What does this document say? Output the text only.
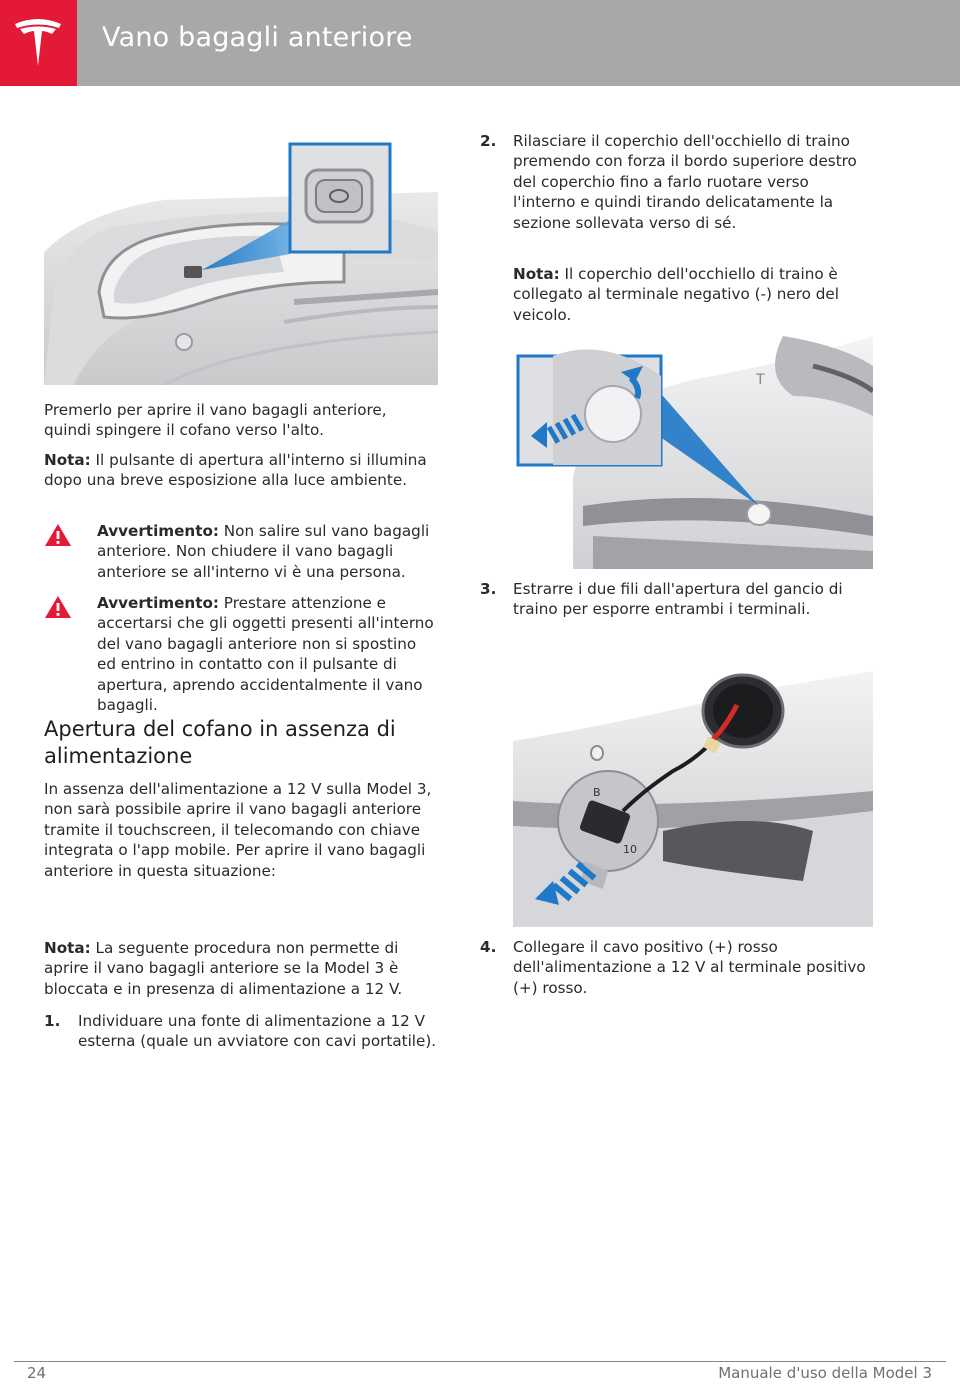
Vano bagagli anteriore

Premerlo per aprire il vano bagagli anteriore, quindi spingere il cofano verso l'alto.

Nota: Il pulsante di apertura all'interno si illumina dopo una breve esposizione alla luce ambiente.

Avvertimento: Non salire sul vano bagagli anteriore. Non chiudere il vano bagagli anteriore se all'interno vi è una persona.

Avvertimento: Prestare attenzione e accertarsi che gli oggetti presenti all'interno del vano bagagli anteriore non si spostino ed entrino in contatto con il pulsante di apertura, aprendo accidentalmente il vano bagagli.

Apertura del cofano in assenza di alimentazione

In assenza dell'alimentazione a 12 V sulla Model 3, non sarà possibile aprire il vano bagagli anteriore tramite il touchscreen, il telecomando con chiave integrata o l'app mobile. Per aprire il vano bagagli anteriore in questa situazione:

Nota: La seguente procedura non permette di aprire il vano bagagli anteriore se la Model 3 è bloccata e in presenza di alimentazione a 12 V.

1. Individuare una fonte di alimentazione a 12 V esterna (quale un avviatore con cavi portatile).

2. Rilasciare il coperchio dell'occhiello di traino premendo con forza il bordo superiore destro del coperchio fino a farlo ruotare verso l'interno e quindi tirando delicatamente la sezione sollevata verso di sé.

Nota: Il coperchio dell'occhiello di traino è collegato al terminale negativo (-) nero del veicolo.

T
3. Estrarre i due fili dall'apertura del gancio di traino per esporre entrambi i terminali.

B
10
4. Collegare il cavo positivo (+) rosso dell'alimentazione a 12 V al terminale positivo (+) rosso.

24	Manuale d'uso della Model 3
